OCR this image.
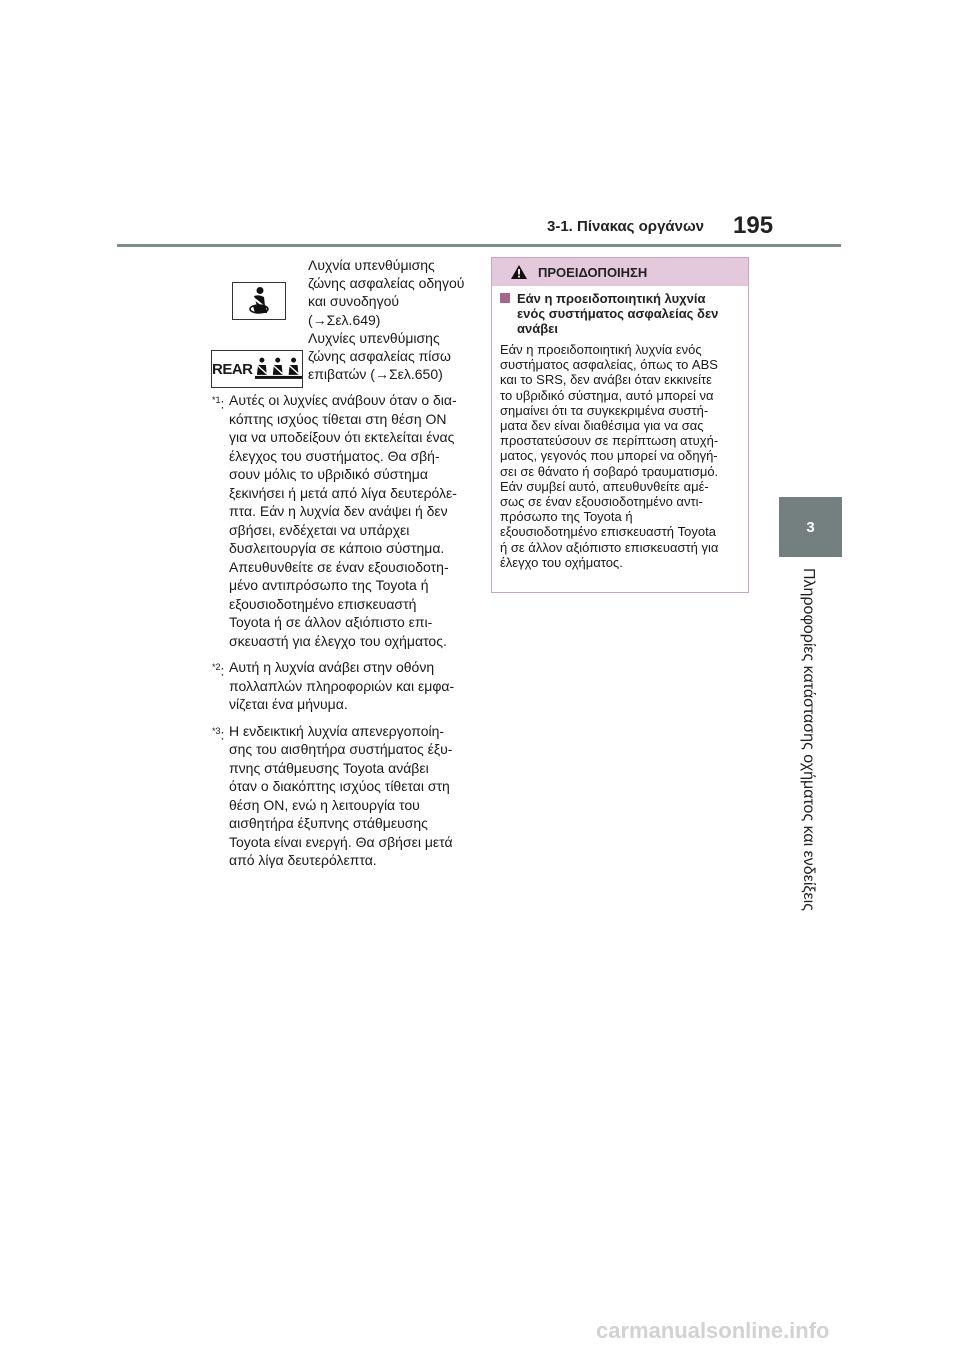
3-1. Πίνακας οργάνων 195
3
Πληροφορίες κατάστασης οχήματος και ενδείξεις
REAR
Λυχνία υπενθύμισης
ζώνης ασφαλείας οδηγού
και συνοδηγού
(→Σελ.649)
Λυχνίες υπενθύμισης
ζώνης ασφαλείας πίσω
επιβατών (→Σελ.650)
$^{*1}$: Αυτές οι λυχνίες ανάβουν όταν ο δια-
κόπτης ισχύος τίθεται στη θέση ON
για να υποδείξουν ότι εκτελείται ένας
έλεγχος του συστήματος. Θα σβή-
σουν μόλις το υβριδικό σύστημα
ξεκινήσει ή μετά από λίγα δευτερόλε-
πτα. Εάν η λυχνία δεν ανάψει ή δεν
σβήσει, ενδέχεται να υπάρχει
δυσλειτουργία σε κάποιο σύστημα.
Απευθυνθείτε σε έναν εξουσιοδοτη-
μένο αντιπρόσωπο της Toyota ή
εξουσιοδοτημένο επισκευαστή
Toyota ή σε άλλον αξιόπιστο επι-
σκευαστή για έλεγχο του οχήματος.
$^{*2}$: Αυτή η λυχνία ανάβει στην οθόνη
πολλαπλών πληροφοριών και εμφα-
νίζεται ένα μήνυμα.
$^{*3}$: Η ενδεικτική λυχνία απενεργοποίη-
σης του αισθητήρα συστήματος έξυ-
πνης στάθμευσης Toyota ανάβει
όταν ο διακόπτης ισχύος τίθεται στη
θέση ON, ενώ η λειτουργία του
αισθητήρα έξυπνης στάθμευσης
Toyota είναι ενεργή. Θα σβήσει μετά
από λίγα δευτερόλεπτα.
ΠΡΟΕΙΔΟΠΟΙΗΣΗ
Εάν η προειδοποιητική λυχνία
ενός συστήματος ασφαλείας δεν
ανάβει
Εάν η προειδοποιητική λυχνία ενός
συστήματος ασφαλείας, όπως το ABS
και το SRS, δεν ανάβει όταν εκκινείτε
το υβριδικό σύστημα, αυτό μπορεί να
σημαίνει ότι τα συγκεκριμένα συστή-
ματα δεν είναι διαθέσιμα για να σας
προστατεύσουν σε περίπτωση ατυχή-
ματος, γεγονός που μπορεί να οδηγή-
σει σε θάνατο ή σοβαρό τραυματισμό.
Εάν συμβεί αυτό, απευθυνθείτε αμέ-
σως σε έναν εξουσιοδοτημένο αντι-
πρόσωπο της Toyota ή
εξουσιοδοτημένο επισκευαστή Toyota
ή σε άλλον αξιόπιστο επισκευαστή για
έλεγχο του οχήματος.
carmanualsonline.info
